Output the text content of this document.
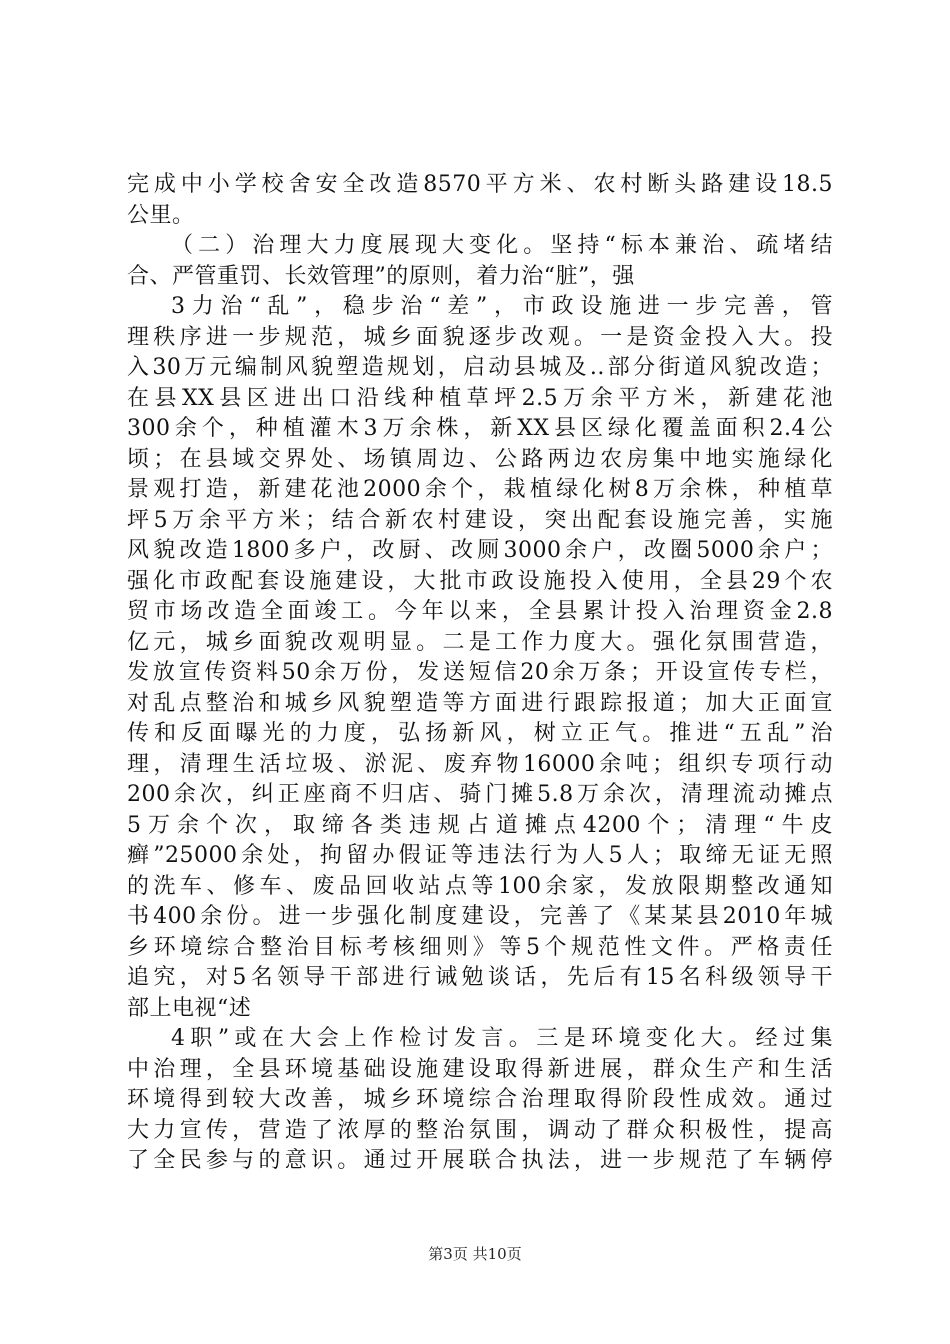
完成中小学校舍安全改造8570平方米、农村断头路建设18.5
公里。
（二）治理大力度展现大变化。坚持“标本兼治、疏堵结
合、严管重罚、长效管理”的原则，着力治“脏”，强
3力治“乱”，稳步治“差”，市政设施进一步完善，管
理秩序进一步规范，城乡面貌逐步改观。一是资金投入大。投
入30万元编制风貌塑造规划，启动县城及..部分街道风貌改造；
在县XX县区进出口沿线种植草坪2.5万余平方米，新建花池
300余个，种植灌木3万余株，新XX县区绿化覆盖面积2.4公
顷；在县域交界处、场镇周边、公路两边农房集中地实施绿化
景观打造，新建花池2000余个，栽植绿化树8万余株，种植草
坪5万余平方米；结合新农村建设，突出配套设施完善，实施
风貌改造1800多户，改厨、改厕3000余户，改圈5000余户；
强化市政配套设施建设，大批市政设施投入使用，全县29个农
贸市场改造全面竣工。今年以来，全县累计投入治理资金2.8
亿元，城乡面貌改观明显。二是工作力度大。强化氛围营造，
发放宣传资料50余万份，发送短信20余万条；开设宣传专栏，
对乱点整治和城乡风貌塑造等方面进行跟踪报道；加大正面宣
传和反面曝光的力度，弘扬新风，树立正气。推进“五乱”治
理，清理生活垃圾、淤泥、废弃物16000余吨；组织专项行动
200余次，纠正座商不归店、骑门摊5.8万余次，清理流动摊点
5万余个次，取缔各类违规占道摊点4200个；清理“牛皮
癣”25000余处，拘留办假证等违法行为人5人；取缔无证无照
的洗车、修车、废品回收站点等100余家，发放限期整改通知
书400余份。进一步强化制度建设，完善了《某某县2010年城
乡环境综合整治目标考核细则》等5个规范性文件。严格责任
追究，对5名领导干部进行诫勉谈话，先后有15名科级领导干
部上电视“述
4职”或在大会上作检讨发言。三是环境变化大。经过集
中治理，全县环境基础设施建设取得新进展，群众生产和生活
环境得到较大改善，城乡环境综合治理取得阶段性成效。通过
大力宣传，营造了浓厚的整治氛围，调动了群众积极性，提高
了全民参与的意识。通过开展联合执法，进一步规范了车辆停
第3页 共10页
